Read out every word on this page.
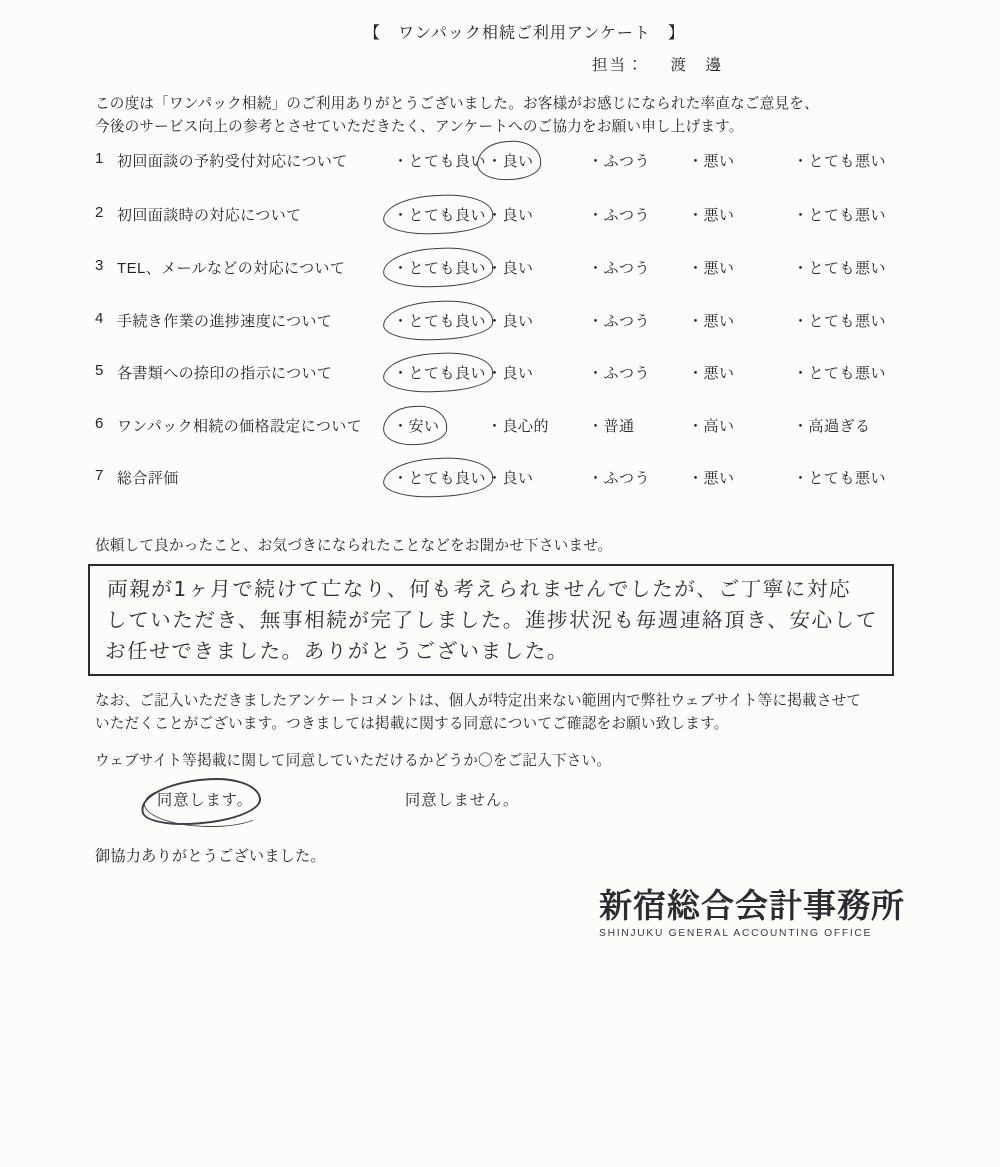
【　ワンパック相続ご利用アンケート　】
担当： 渡　邊
この度は「ワンパック相続」のご利用ありがとうございました。お客様がお感じになられた率直なご意見を、
今後のサービス向上の参考とさせていただきたく、アンケートへのご協力をお願い申し上げます。
1 初回面談の予約受付対応について	・とても良い ・良い	・ふつう	・悪い	・とても悪い
2 初回面談時の対応について	・とても良い ・良い	・ふつう	・悪い	・とても悪い
3 TEL、メールなどの対応について	・とても良い ・良い	・ふつう	・悪い	・とても悪い
4 手続き作業の進捗速度について	・とても良い ・良い	・ふつう	・悪い	・とても悪い
5 各書類への捺印の指示について	・とても良い ・良い	・ふつう	・悪い	・とても悪い
6 ワンパック相続の価格設定について ・安い	・良心的	・普通	・高い	・高過ぎる
7 総合評価	・とても良い ・良い	・ふつう	・悪い	・とても悪い
依頼して良かったこと、お気づきになられたことなどをお聞かせ下さいませ。
両親が1ヶ月で続けて亡なり、何も考えられませんでしたが、ご丁寧に対応
していただき、無事相続が完了しました。進捗状況も毎週連絡頂き、安心して
お任せできました。ありがとうございました。
なお、ご記入いただきましたアンケートコメントは、個人が特定出来ない範囲内で弊社ウェブサイト等に掲載させて
いただくことがございます。つきましては掲載に関する同意についてご確認をお願い致します。
ウェブサイト等掲載に関して同意していただけるかどうか〇をご記入下さい。
同意します。	同意しません。
御協力ありがとうございました。
新宿総合会計事務所
SHINJUKU GENERAL ACCOUNTING OFFICE
